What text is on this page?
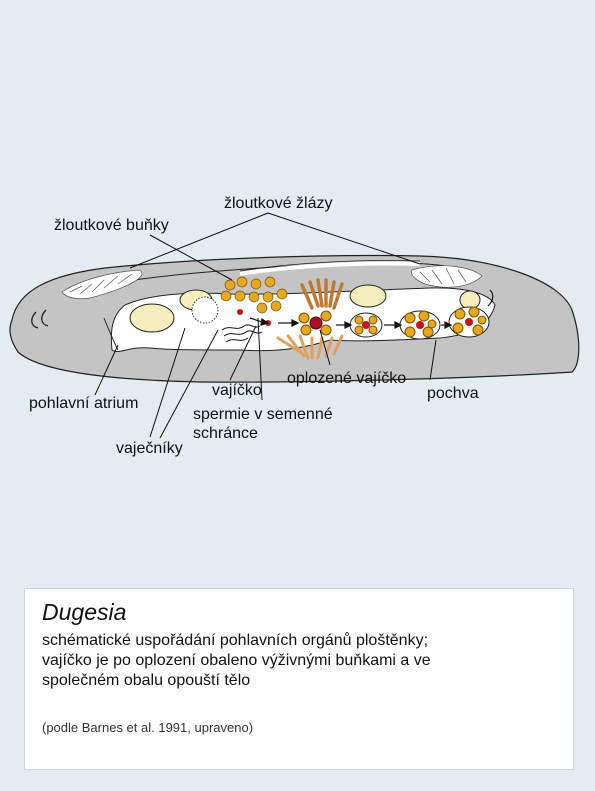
žloutkové žlázy
žloutkové buňky
pohlavní atrium
vaječníky
vajíčko
spermie v semenné
schránce
oplozené vajíčko
pochva
Dugesia
schématické uspořádání pohlavních orgánů ploštěnky;
vajíčko je po oplození obaleno výživnými buňkami a ve
společném obalu opouští tělo
(podle Barnes et al. 1991, upraveno)
